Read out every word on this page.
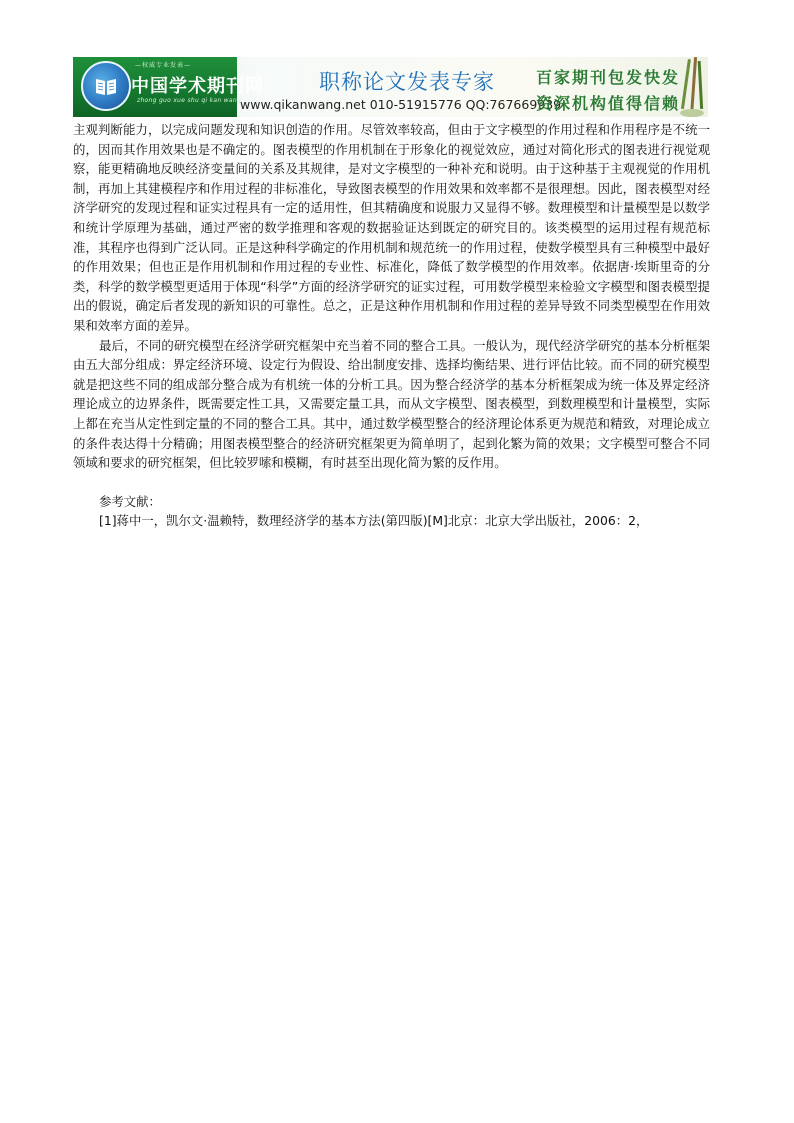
—权威专业发表—
中国学术期刊网
zhong guo xue shu qi kan wang
职称论文发表专家
www.qikanwang.net 010-51915776 QQ:767669939
百家期刊包发快发
资深机构值得信赖

主观判断能力，以完成问题发现和知识创造的作用。尽管效率较高，但由于文字模型的作用过程和作用程序是不统一的，因而其作用效果也是不确定的。图表模型的作用机制在于形象化的视觉效应，通过对简化形式的图表进行视觉观察，能更精确地反映经济变量间的关系及其规律，是对文字模型的一种补充和说明。由于这种基于主观视觉的作用机制，再加上其建模程序和作用过程的非标准化，导致图表模型的作用效果和效率都不是很理想。因此，图表模型对经济学研究的发现过程和证实过程具有一定的适用性，但其精确度和说服力又显得不够。数理模型和计量模型是以数学和统计学原理为基础，通过严密的数学推理和客观的数据验证达到既定的研究目的。该类模型的运用过程有规范标准，其程序也得到广泛认同。正是这种科学确定的作用机制和规范统一的作用过程，使数学模型具有三种模型中最好的作用效果；但也正是作用机制和作用过程的专业性、标准化，降低了数学模型的作用效率。依据唐·埃斯里奇的分类，科学的数学模型更适用于体现“科学”方面的经济学研究的证实过程，可用数学模型来检验文字模型和图表模型提出的假说，确定后者发现的新知识的可靠性。总之，正是这种作用机制和作用过程的差异导致不同类型模型在作用效果和效率方面的差异。

最后，不同的研究模型在经济学研究框架中充当着不同的整合工具。一般认为，现代经济学研究的基本分析框架由五大部分组成：界定经济环境、设定行为假设、给出制度安排、选择均衡结果、进行评估比较。而不同的研究模型就是把这些不同的组成部分整合成为有机统一体的分析工具。因为整合经济学的基本分析框架成为统一体及界定经济理论成立的边界条件，既需要定性工具，又需要定量工具，而从文字模型、图表模型，到数理模型和计量模型，实际上都在充当从定性到定量的不同的整合工具。其中，通过数学模型整合的经济理论体系更为规范和精致，对理论成立的条件表达得十分精确；用图表模型整合的经济研究框架更为简单明了，起到化繁为简的效果；文字模型可整合不同领域和要求的研究框架，但比较罗嗦和模糊，有时甚至出现化简为繁的反作用。

参考文献：

[1]蒋中一，凯尔文·温赖特，数理经济学的基本方法(第四版)[M]北京：北京大学出版社，2006：2，
